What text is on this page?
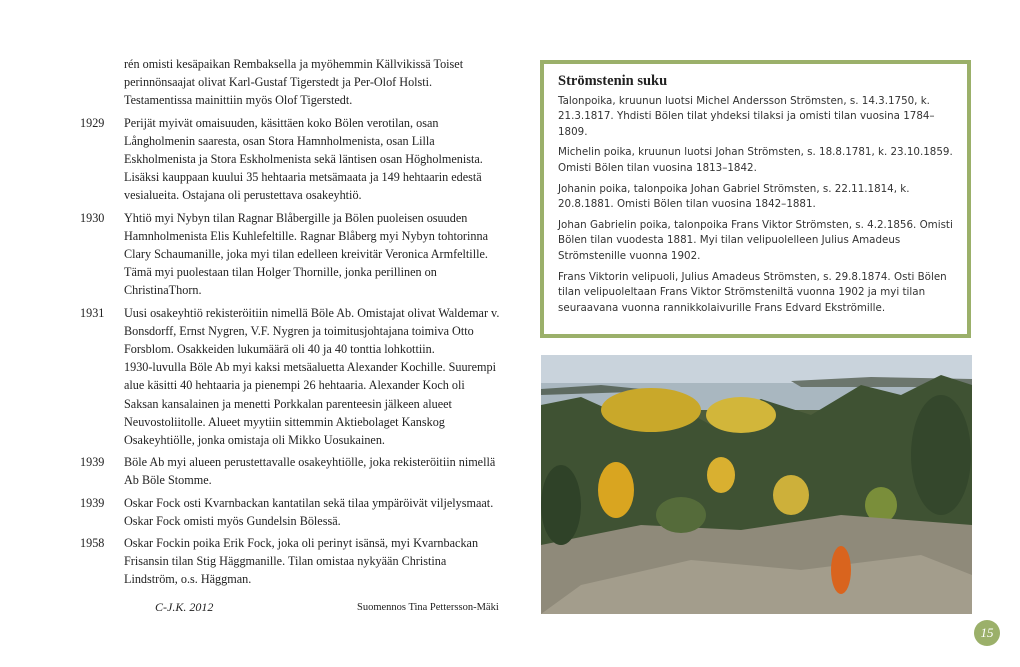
rén omisti kesäpaikan Rembaksella ja myöhemmin Källvikissä Toiset perinnönsaajat olivat Karl-Gustaf Tigerstedt ja Per-Olof Holsti. Testamentissa mainittiin myös Olof Tigerstedt.
1929	Perijät myivät omaisuuden, käsittäen koko Bölen verotilan, osan Långholmenin saaresta, osan Stora Hamnholmenista, osan Lilla Eskholmenista ja Stora Eskholmenista sekä läntisen osan Högholmenista. Lisäksi kauppaan kuului 35 hehtaaria metsämaata ja 149 hehtaarin edestä vesialueita. Ostajana oli perustettava osakeyhtiö.
1930	Yhtiö myi Nybyn tilan Ragnar Blåbergille ja Bölen puoleisen osuuden Hamnholmenista Elis Kuhlefeltille. Ragnar Blåberg myi Nybyn tohtorinna Clary Schaumanille, joka myi tilan edelleen kreivitär Veronica Armfeltille. Tämä myi puolestaan tilan Holger Thornille, jonka perillinen on ChristinaThorn.
1931	Uusi osakeyhtiö rekisteröitiin nimellä Böle Ab. Omistajat olivat Waldemar v. Bonsdorff, Ernst Nygren, V.F. Nygren ja toimitusjohtajana toimiva Otto Forsblom. Osakkeiden lukumäärä oli 40 ja 40 tonttia lohkottiin.
1930-luvulla Böle Ab myi kaksi metsäaluetta Alexander Kochille. Suurempi alue käsitti 40 hehtaaria ja pienempi 26 hehtaaria. Alexander Koch oli Saksan kansalainen ja menetti Porkkalan parenteesin jälkeen alueet Neuvostoliitolle. Alueet myytiin sittemmin Aktiebolaget Kanskog Osakeyhtiölle, jonka omistaja oli Mikko Uosukainen.
1939	Böle Ab myi alueen perustettavalle osakeyhtiölle, joka rekisteröitiin nimellä Ab Böle Stomme.
1939	Oskar Fock osti Kvarnbackan kantatilan sekä tilaa ympäröivät viljelysmaat. Oskar Fock omisti myös Gundelsin Bölessä.
1958	Oskar Fockin poika Erik Fock, joka oli perinyt isänsä, myi Kvarnbackan Frisansin tilan Stig Häggmanille. Tilan omistaa nykyään Christina Lindström, o.s. Häggman.
C-J.K. 2012	Suomennos Tina Pettersson-Mäki
Strömstenin suku

Talonpoika, kruunun luotsi Michel Andersson Strömsten, s. 14.3.1750, k. 21.3.1817. Yhdisti Bölen tilat yhdeksi tilaksi ja omisti tilan vuosina 1784–1809.

Michelin poika, kruunun luotsi Johan Strömsten, s. 18.8.1781, k. 23.10.1859. Omisti Bölen tilan vuosina 1813–1842.

Johanin poika, talonpoika Johan Gabriel Strömsten, s. 22.11.1814, k. 20.8.1881. Omisti Bölen tilan vuosina 1842–1881.

Johan Gabrielin poika, talonpoika Frans Viktor Strömsten, s. 4.2.1856. Omisti Bölen tilan vuodesta 1881. Myi tilan velipuolelleen Julius Amadeus Strömstenille vuonna 1902.

Frans Viktorin velipuoli, Julius Amadeus Strömsten, s. 29.8.1874. Osti Bölen tilan velipuoleltaan Frans Viktor Strömsteniltä vuonna 1902 ja myi tilan seuraavana vuonna rannikkolaivurille Frans Edvard Ekströmille.

15
